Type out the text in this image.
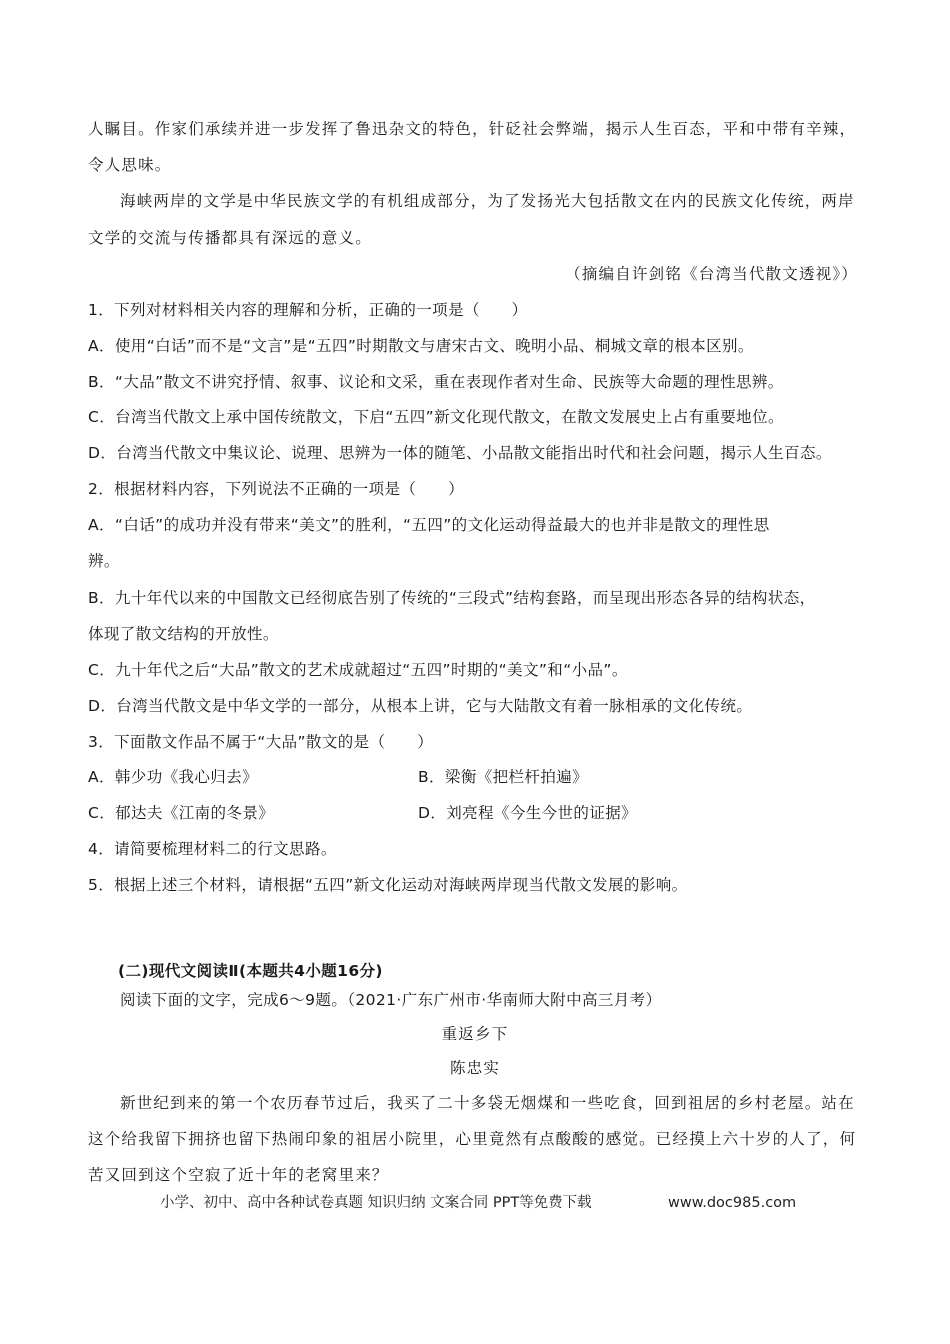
人瞩目。作家们承续并进一步发挥了鲁迅杂文的特色，针砭社会弊端，揭示人生百态，平和中带有辛辣，
令人思味。
海峡两岸的文学是中华民族文学的有机组成部分，为了发扬光大包括散文在内的民族文化传统，两岸
文学的交流与传播都具有深远的意义。
（摘编自许剑铭《台湾当代散文透视》）
1．下列对材料相关内容的理解和分析，正确的一项是（　　）
A．使用“白话”而不是“文言”是“五四”时期散文与唐宋古文、晚明小品、桐城文章的根本区别。
B．“大品”散文不讲究抒情、叙事、议论和文采，重在表现作者对生命、民族等大命题的理性思辨。
C．台湾当代散文上承中国传统散文，下启“五四”新文化现代散文，在散文发展史上占有重要地位。
D．台湾当代散文中集议论、说理、思辨为一体的随笔、小品散文能指出时代和社会问题，揭示人生百态。
2．根据材料内容，下列说法不正确的一项是（　　）
A．“白话”的成功并没有带来“美文”的胜利，“五四”的文化运动得益最大的也并非是散文的理性思
辨。
B．九十年代以来的中国散文已经彻底告别了传统的“三段式”结构套路，而呈现出形态各异的结构状态，
体现了散文结构的开放性。
C．九十年代之后“大品”散文的艺术成就超过“五四”时期的“美文”和“小品”。
D．台湾当代散文是中华文学的一部分，从根本上讲，它与大陆散文有着一脉相承的文化传统。
3．下面散文作品不属于“大品”散文的是（　　）
A．韩少功《我心归去》	B．梁衡《把栏杆拍遍》
C．郁达夫《江南的冬景》	D．刘亮程《今生今世的证据》
4．请简要梳理材料二的行文思路。
5．根据上述三个材料，请根据“五四”新文化运动对海峡两岸现当代散文发展的影响。
(二)现代文阅读Ⅱ(本题共4小题16分)
阅读下面的文字，完成6～9题。（2021·广东广州市·华南师大附中高三月考）
重返乡下
陈忠实
新世纪到来的第一个农历春节过后，我买了二十多袋无烟煤和一些吃食，回到祖居的乡村老屋。站在
这个给我留下拥挤也留下热闹印象的祖居小院里，心里竟然有点酸酸的感觉。已经摸上六十岁的人了，何
苦又回到这个空寂了近十年的老窝里来？
小学、初中、高中各种试卷真题 知识归纳 文案合同 PPT等免费下载	www.doc985.com
